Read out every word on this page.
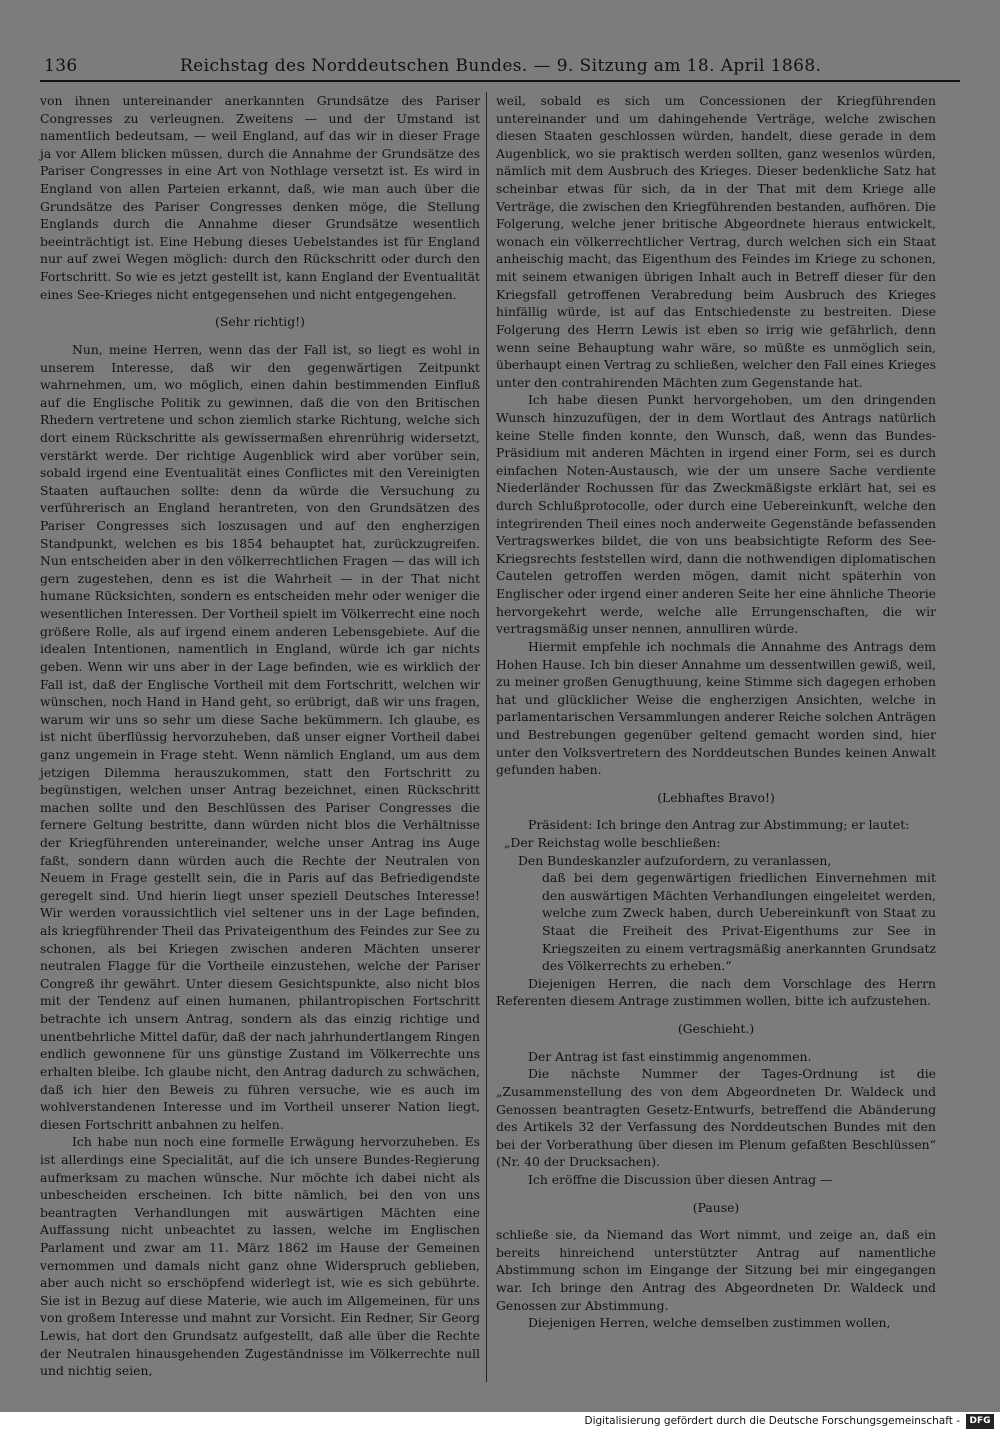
136	Reichstag des Norddeutschen Bundes. — 9. Sitzung am 18. April 1868.

von ihnen untereinander anerkannten Grundsätze des Pariser Congresses zu verleugnen. Zweitens — und der Umstand ist namentlich bedeutsam, — weil England, auf das wir in dieser Frage ja vor Allem blicken müssen, durch die Annahme der Grundsätze des Pariser Congresses in eine Art von Nothlage versetzt ist. Es wird in England von allen Parteien erkannt, daß, wie man auch über die Grundsätze des Pariser Congresses denken möge, die Stellung Englands durch die Annahme dieser Grundsätze wesentlich beeinträchtigt ist. Eine Hebung dieses Uebelstandes ist für England nur auf zwei Wegen möglich: durch den Rückschritt oder durch den Fortschritt. So wie es jetzt gestellt ist, kann England der Eventualität eines See-Krieges nicht entgegensehen und nicht entgegengehen.

(Sehr richtig!)

Nun, meine Herren, wenn das der Fall ist, so liegt es wohl in unserem Interesse, daß wir den gegenwärtigen Zeitpunkt wahrnehmen, um, wo möglich, einen dahin bestimmenden Einfluß auf die Englische Politik zu gewinnen, daß die von den Britischen Rhedern vertretene und schon ziemlich starke Richtung, welche sich dort einem Rückschritte als gewissermaßen ehrenrührig widersetzt, verstärkt werde. Der richtige Augenblick wird aber vorüber sein, sobald irgend eine Eventualität eines Conflictes mit den Vereinigten Staaten auftauchen sollte: denn da würde die Versuchung zu verführerisch an England herantreten, von den Grundsätzen des Pariser Congresses sich loszusagen und auf den engherzigen Standpunkt, welchen es bis 1854 behauptet hat, zurückzugreifen. Nun entscheiden aber in den völkerrechtlichen Fragen — das will ich gern zugestehen, denn es ist die Wahrheit — in der That nicht humane Rücksichten, sondern es entscheiden mehr oder weniger die wesentlichen Interessen. Der Vortheil spielt im Völkerrecht eine noch größere Rolle, als auf irgend einem anderen Lebensgebiete. Auf die idealen Intentionen, namentlich in England, würde ich gar nichts geben. Wenn wir uns aber in der Lage befinden, wie es wirklich der Fall ist, daß der Englische Vortheil mit dem Fortschritt, welchen wir wünschen, noch Hand in Hand geht, so erübrigt, daß wir uns fragen, warum wir uns so sehr um diese Sache bekümmern. Ich glaube, es ist nicht überflüssig hervorzuheben, daß unser eigner Vortheil dabei ganz ungemein in Frage steht. Wenn nämlich England, um aus dem jetzigen Dilemma herauszukommen, statt den Fortschritt zu begünstigen, welchen unser Antrag bezeichnet, einen Rückschritt machen sollte und den Beschlüssen des Pariser Congresses die fernere Geltung bestritte, dann würden nicht blos die Verhältnisse der Kriegführenden untereinander, welche unser Antrag ins Auge faßt, sondern dann würden auch die Rechte der Neutralen von Neuem in Frage gestellt sein, die in Paris auf das Befriedigendste geregelt sind. Und hierin liegt unser speziell Deutsches Interesse! Wir werden voraussichtlich viel seltener uns in der Lage befinden, als kriegführender Theil das Privateigenthum des Feindes zur See zu schonen, als bei Kriegen zwischen anderen Mächten unserer neutralen Flagge für die Vortheile einzustehen, welche der Pariser Congreß ihr gewährt. Unter diesem Gesichtspunkte, also nicht blos mit der Tendenz auf einen humanen, philantropischen Fortschritt betrachte ich unsern Antrag, sondern als das einzig richtige und unentbehrliche Mittel dafür, daß der nach jahrhundertlangem Ringen endlich gewonnene für uns günstige Zustand im Völkerrechte uns erhalten bleibe. Ich glaube nicht, den Antrag dadurch zu schwächen, daß ich hier den Beweis zu führen versuche, wie es auch im wohlverstandenen Interesse und im Vortheil unserer Nation liegt, diesen Fortschritt anbahnen zu helfen.

Ich habe nun noch eine formelle Erwägung hervorzuheben. Es ist allerdings eine Specialität, auf die ich unsere Bundes-Regierung aufmerksam zu machen wünsche. Nur möchte ich dabei nicht als unbescheiden erscheinen. Ich bitte nämlich, bei den von uns beantragten Verhandlungen mit auswärtigen Mächten eine Auffassung nicht unbeachtet zu lassen, welche im Englischen Parlament und zwar am 11. März 1862 im Hause der Gemeinen vernommen und damals nicht ganz ohne Widerspruch geblieben, aber auch nicht so erschöpfend widerlegt ist, wie es sich gebührte. Sie ist in Bezug auf diese Materie, wie auch im Allgemeinen, für uns von großem Interesse und mahnt zur Vorsicht. Ein Redner, Sir Georg Lewis, hat dort den Grundsatz aufgestellt, daß alle über die Rechte der Neutralen hinausgehenden Zugeständnisse im Völkerrechte null und nichtig seien,

weil, sobald es sich um Concessionen der Kriegführenden untereinander und um dahingehende Verträge, welche zwischen diesen Staaten geschlossen würden, handelt, diese gerade in dem Augenblick, wo sie praktisch werden sollten, ganz wesenlos würden, nämlich mit dem Ausbruch des Krieges. Dieser bedenkliche Satz hat scheinbar etwas für sich, da in der That mit dem Kriege alle Verträge, die zwischen den Kriegführenden bestanden, aufhören. Die Folgerung, welche jener britische Abgeordnete hieraus entwickelt, wonach ein völkerrechtlicher Vertrag, durch welchen sich ein Staat anheischig macht, das Eigenthum des Feindes im Kriege zu schonen, mit seinem etwanigen übrigen Inhalt auch in Betreff dieser für den Kriegsfall getroffenen Verabredung beim Ausbruch des Krieges hinfällig würde, ist auf das Entschiedenste zu bestreiten. Diese Folgerung des Herrn Lewis ist eben so irrig wie gefährlich, denn wenn seine Behauptung wahr wäre, so müßte es unmöglich sein, überhaupt einen Vertrag zu schließen, welcher den Fall eines Krieges unter den contrahirenden Mächten zum Gegenstande hat.

Ich habe diesen Punkt hervorgehoben, um den dringenden Wunsch hinzuzufügen, der in dem Wortlaut des Antrags natürlich keine Stelle finden konnte, den Wunsch, daß, wenn das Bundes-Präsidium mit anderen Mächten in irgend einer Form, sei es durch einfachen Noten-Austausch, wie der um unsere Sache verdiente Niederländer Rochussen für das Zweckmäßigste erklärt hat, sei es durch Schlußprotocolle, oder durch eine Uebereinkunft, welche den integrirenden Theil eines noch anderweite Gegenstände befassenden Vertragswerkes bildet, die von uns beabsichtigte Reform des See-Kriegsrechts feststellen wird, dann die nothwendigen diplomatischen Cautelen getroffen werden mögen, damit nicht späterhin von Englischer oder irgend einer anderen Seite her eine ähnliche Theorie hervorgekehrt werde, welche alle Errungenschaften, die wir vertragsmäßig unser nennen, annulliren würde.

Hiermit empfehle ich nochmals die Annahme des Antrags dem Hohen Hause. Ich bin dieser Annahme um dessentwillen gewiß, weil, zu meiner großen Genugthuung, keine Stimme sich dagegen erhoben hat und glücklicher Weise die engherzigen Ansichten, welche in parlamentarischen Versammlungen anderer Reiche solchen Anträgen und Bestrebungen gegenüber geltend gemacht worden sind, hier unter den Volksvertretern des Norddeutschen Bundes keinen Anwalt gefunden haben.

(Lebhaftes Bravo!)

Präsident: Ich bringe den Antrag zur Abstimmung; er lautet:

„Der Reichstag wolle beschließen:

Den Bundeskanzler aufzufordern, zu veranlassen,

daß bei dem gegenwärtigen friedlichen Einvernehmen mit den auswärtigen Mächten Verhandlungen eingeleitet werden, welche zum Zweck haben, durch Uebereinkunft von Staat zu Staat die Freiheit des Privat-Eigenthums zur See in Kriegszeiten zu einem vertragsmäßig anerkannten Grundsatz des Völkerrechts zu erheben.“

Diejenigen Herren, die nach dem Vorschlage des Herrn Referenten diesem Antrage zustimmen wollen, bitte ich aufzustehen.

(Geschieht.)

Der Antrag ist fast einstimmig angenommen.

Die nächste Nummer der Tages-Ordnung ist die „Zusammenstellung des von dem Abgeordneten Dr. Waldeck und Genossen beantragten Gesetz-Entwurfs, betreffend die Abänderung des Artikels 32 der Verfassung des Norddeutschen Bundes mit den bei der Vorberathung über diesen im Plenum gefaßten Beschlüssen“ (Nr. 40 der Drucksachen).

Ich eröffne die Discussion über diesen Antrag —

(Pause)

schließe sie, da Niemand das Wort nimmt, und zeige an, daß ein bereits hinreichend unterstützter Antrag auf namentliche Abstimmung schon im Eingange der Sitzung bei mir eingegangen war. Ich bringe den Antrag des Abgeordneten Dr. Waldeck und Genossen zur Abstimmung.

Diejenigen Herren, welche demselben zustimmen wollen,

Digitalisierung gefördert durch die Deutsche Forschungsgemeinschaft -	DFG
